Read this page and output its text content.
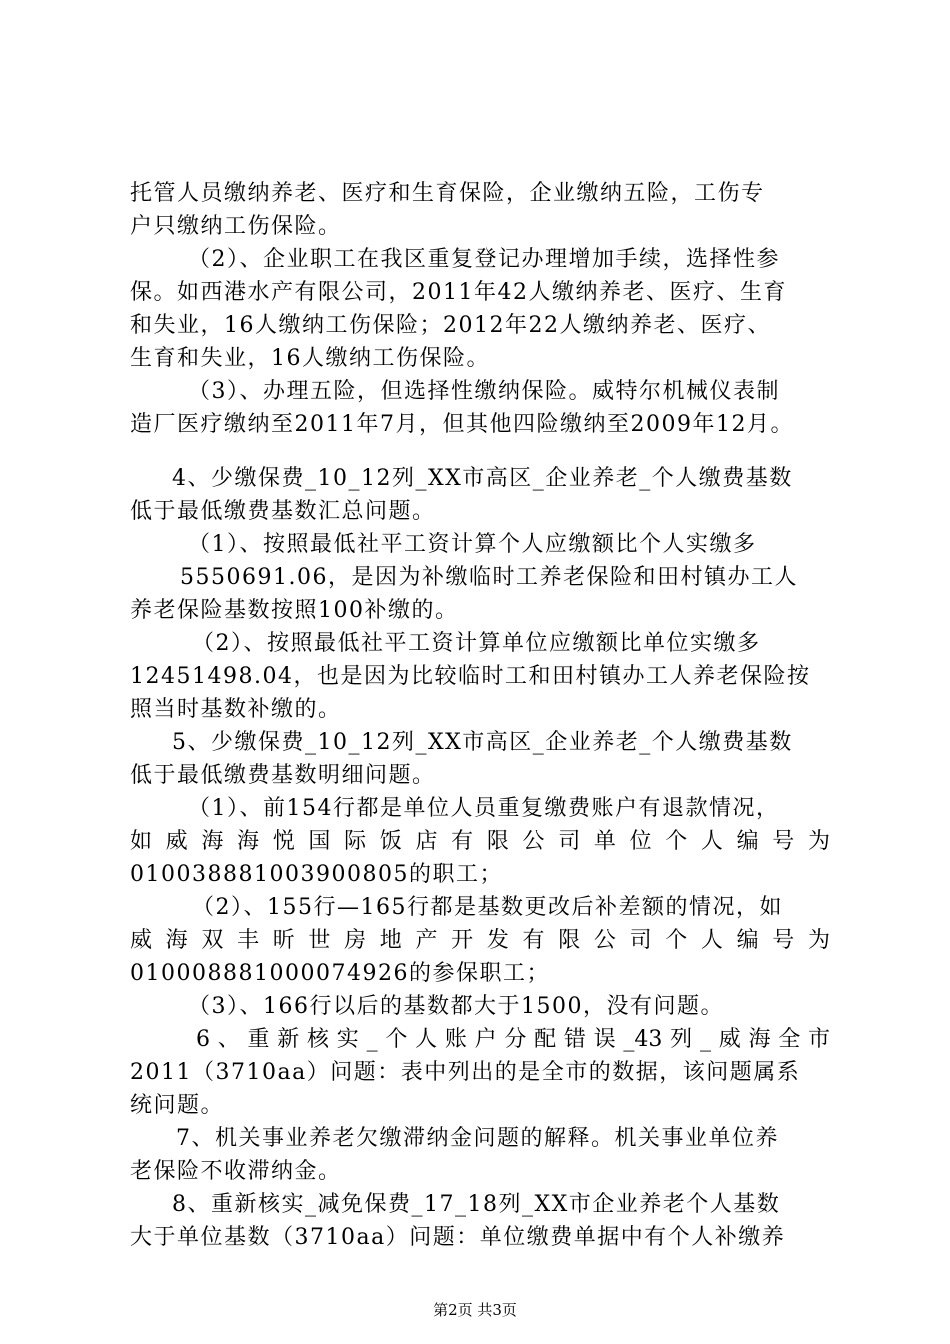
托管人员缴纳养老、医疗和生育保险，企业缴纳五险，工伤专
户只缴纳工伤保险。
（2）、企业职工在我区重复登记办理增加手续，选择性参
保。如西港水产有限公司，2011年42人缴纳养老、医疗、生育
和失业，16人缴纳工伤保险；2012年22人缴纳养老、医疗、
生育和失业，16人缴纳工伤保险。
（3）、办理五险，但选择性缴纳保险。威特尔机械仪表制
造厂医疗缴纳至2011年7月，但其他四险缴纳至2009年12月。
4、少缴保费_10_12列_XX市高区_企业养老_个人缴费基数
低于最低缴费基数汇总问题。
（1）、按照最低社平工资计算个人应缴额比个人实缴多
5550691.06，是因为补缴临时工养老保险和田村镇办工人
养老保险基数按照100补缴的。
（2）、按照最低社平工资计算单位应缴额比单位实缴多
12451498.04，也是因为比较临时工和田村镇办工人养老保险按
照当时基数补缴的。
5、少缴保费_10_12列_XX市高区_企业养老_个人缴费基数
低于最低缴费基数明细问题。
（1）、前154行都是单位人员重复缴费账户有退款情况，
如威海海悦国际饭店有限公司单位个人编号为
010038881003900805的职工；
（2）、155行—165行都是基数更改后补差额的情况，如
威海双丰昕世房地产开发有限公司个人编号为
010008881000074926的参保职工；
（3）、166行以后的基数都大于1500，没有问题。
6、重新核实_个人账户分配错误_43列_威海全市
2011（3710aa）问题：表中列出的是全市的数据，该问题属系
统问题。
7、机关事业养老欠缴滞纳金问题的解释。机关事业单位养
老保险不收滞纳金。
8、重新核实_减免保费_17_18列_XX市企业养老个人基数
大于单位基数（3710aa）问题：单位缴费单据中有个人补缴养
第2页 共3页
